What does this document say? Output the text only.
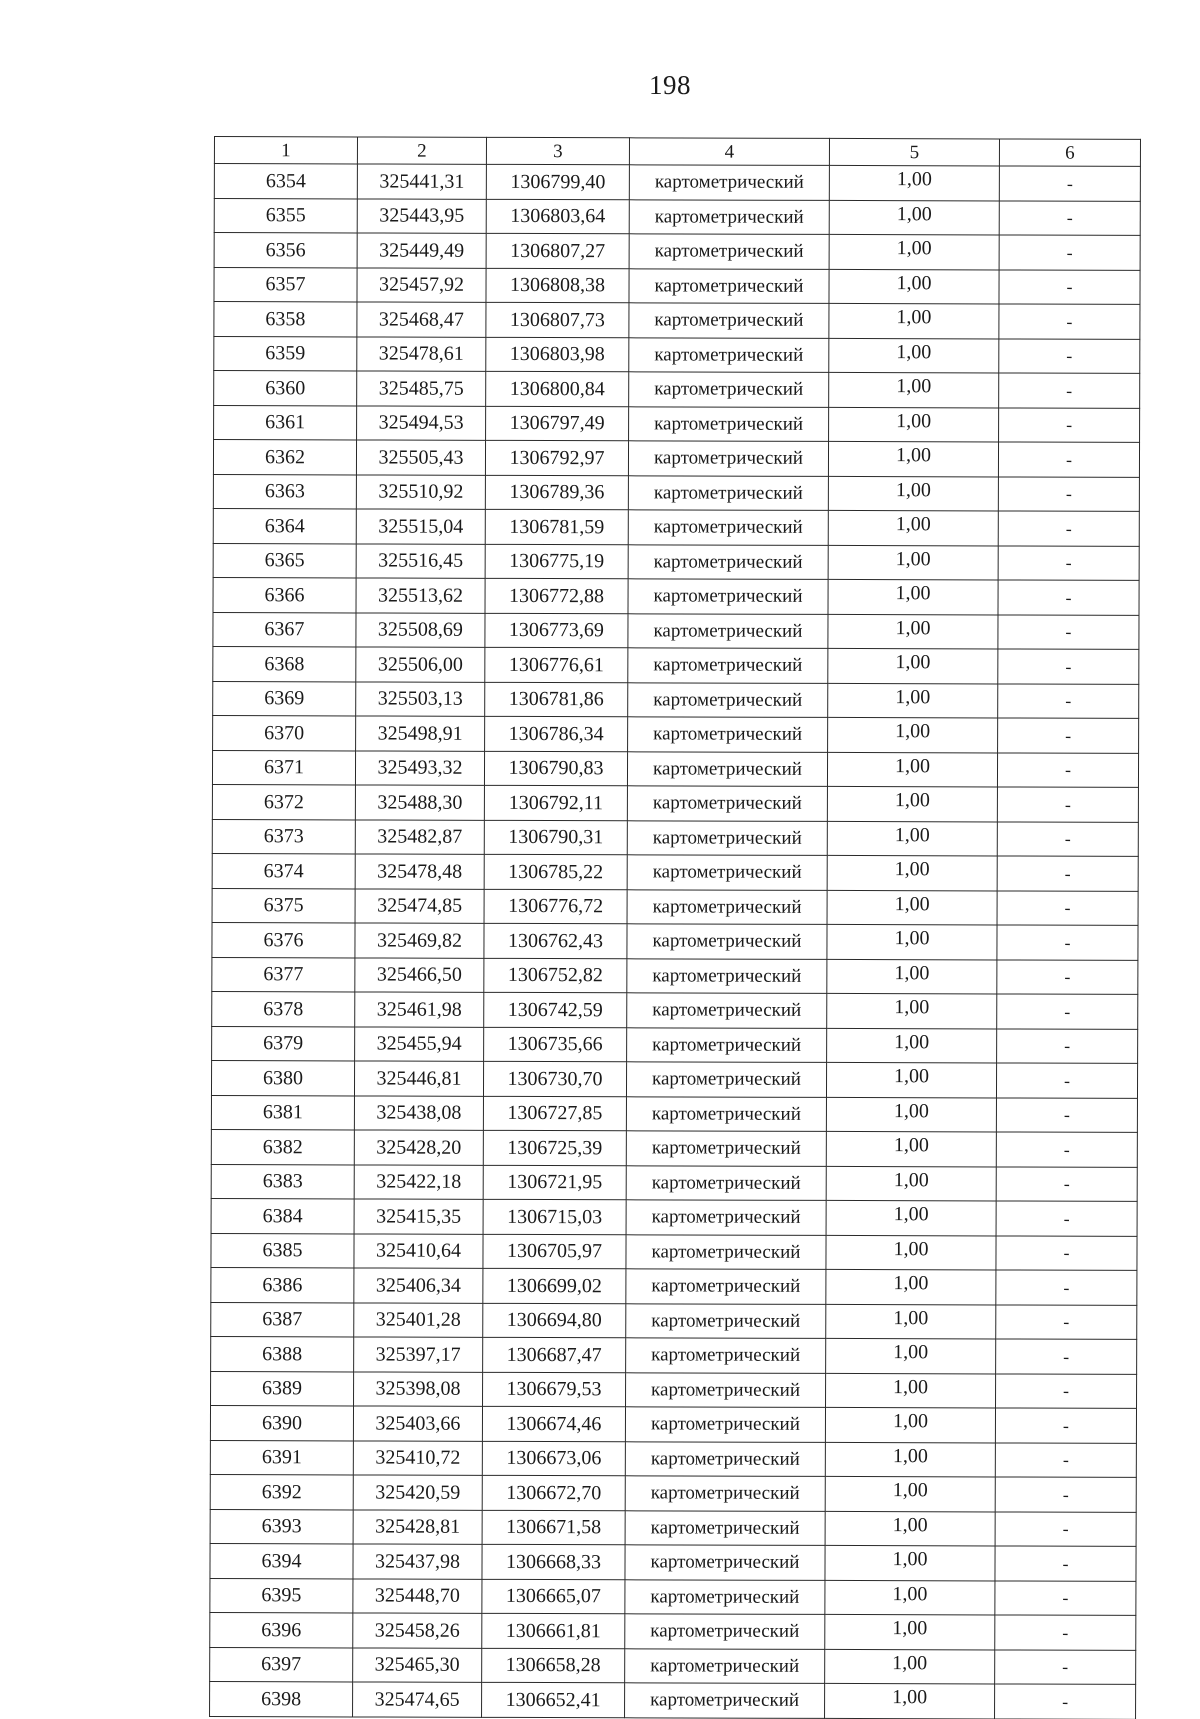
198
1	2	3	4	5	6
6354	325441,31	1306799,40	картометрический	1,00	-
6355	325443,95	1306803,64	картометрический	1,00	-
6356	325449,49	1306807,27	картометрический	1,00	-
6357	325457,92	1306808,38	картометрический	1,00	-
6358	325468,47	1306807,73	картометрический	1,00	-
6359	325478,61	1306803,98	картометрический	1,00	-
6360	325485,75	1306800,84	картометрический	1,00	-
6361	325494,53	1306797,49	картометрический	1,00	-
6362	325505,43	1306792,97	картометрический	1,00	-
6363	325510,92	1306789,36	картометрический	1,00	-
6364	325515,04	1306781,59	картометрический	1,00	-
6365	325516,45	1306775,19	картометрический	1,00	-
6366	325513,62	1306772,88	картометрический	1,00	-
6367	325508,69	1306773,69	картометрический	1,00	-
6368	325506,00	1306776,61	картометрический	1,00	-
6369	325503,13	1306781,86	картометрический	1,00	-
6370	325498,91	1306786,34	картометрический	1,00	-
6371	325493,32	1306790,83	картометрический	1,00	-
6372	325488,30	1306792,11	картометрический	1,00	-
6373	325482,87	1306790,31	картометрический	1,00	-
6374	325478,48	1306785,22	картометрический	1,00	-
6375	325474,85	1306776,72	картометрический	1,00	-
6376	325469,82	1306762,43	картометрический	1,00	-
6377	325466,50	1306752,82	картометрический	1,00	-
6378	325461,98	1306742,59	картометрический	1,00	-
6379	325455,94	1306735,66	картометрический	1,00	-
6380	325446,81	1306730,70	картометрический	1,00	-
6381	325438,08	1306727,85	картометрический	1,00	-
6382	325428,20	1306725,39	картометрический	1,00	-
6383	325422,18	1306721,95	картометрический	1,00	-
6384	325415,35	1306715,03	картометрический	1,00	-
6385	325410,64	1306705,97	картометрический	1,00	-
6386	325406,34	1306699,02	картометрический	1,00	-
6387	325401,28	1306694,80	картометрический	1,00	-
6388	325397,17	1306687,47	картометрический	1,00	-
6389	325398,08	1306679,53	картометрический	1,00	-
6390	325403,66	1306674,46	картометрический	1,00	-
6391	325410,72	1306673,06	картометрический	1,00	-
6392	325420,59	1306672,70	картометрический	1,00	-
6393	325428,81	1306671,58	картометрический	1,00	-
6394	325437,98	1306668,33	картометрический	1,00	-
6395	325448,70	1306665,07	картометрический	1,00	-
6396	325458,26	1306661,81	картометрический	1,00	-
6397	325465,30	1306658,28	картометрический	1,00	-
6398	325474,65	1306652,41	картометрический	1,00	-
